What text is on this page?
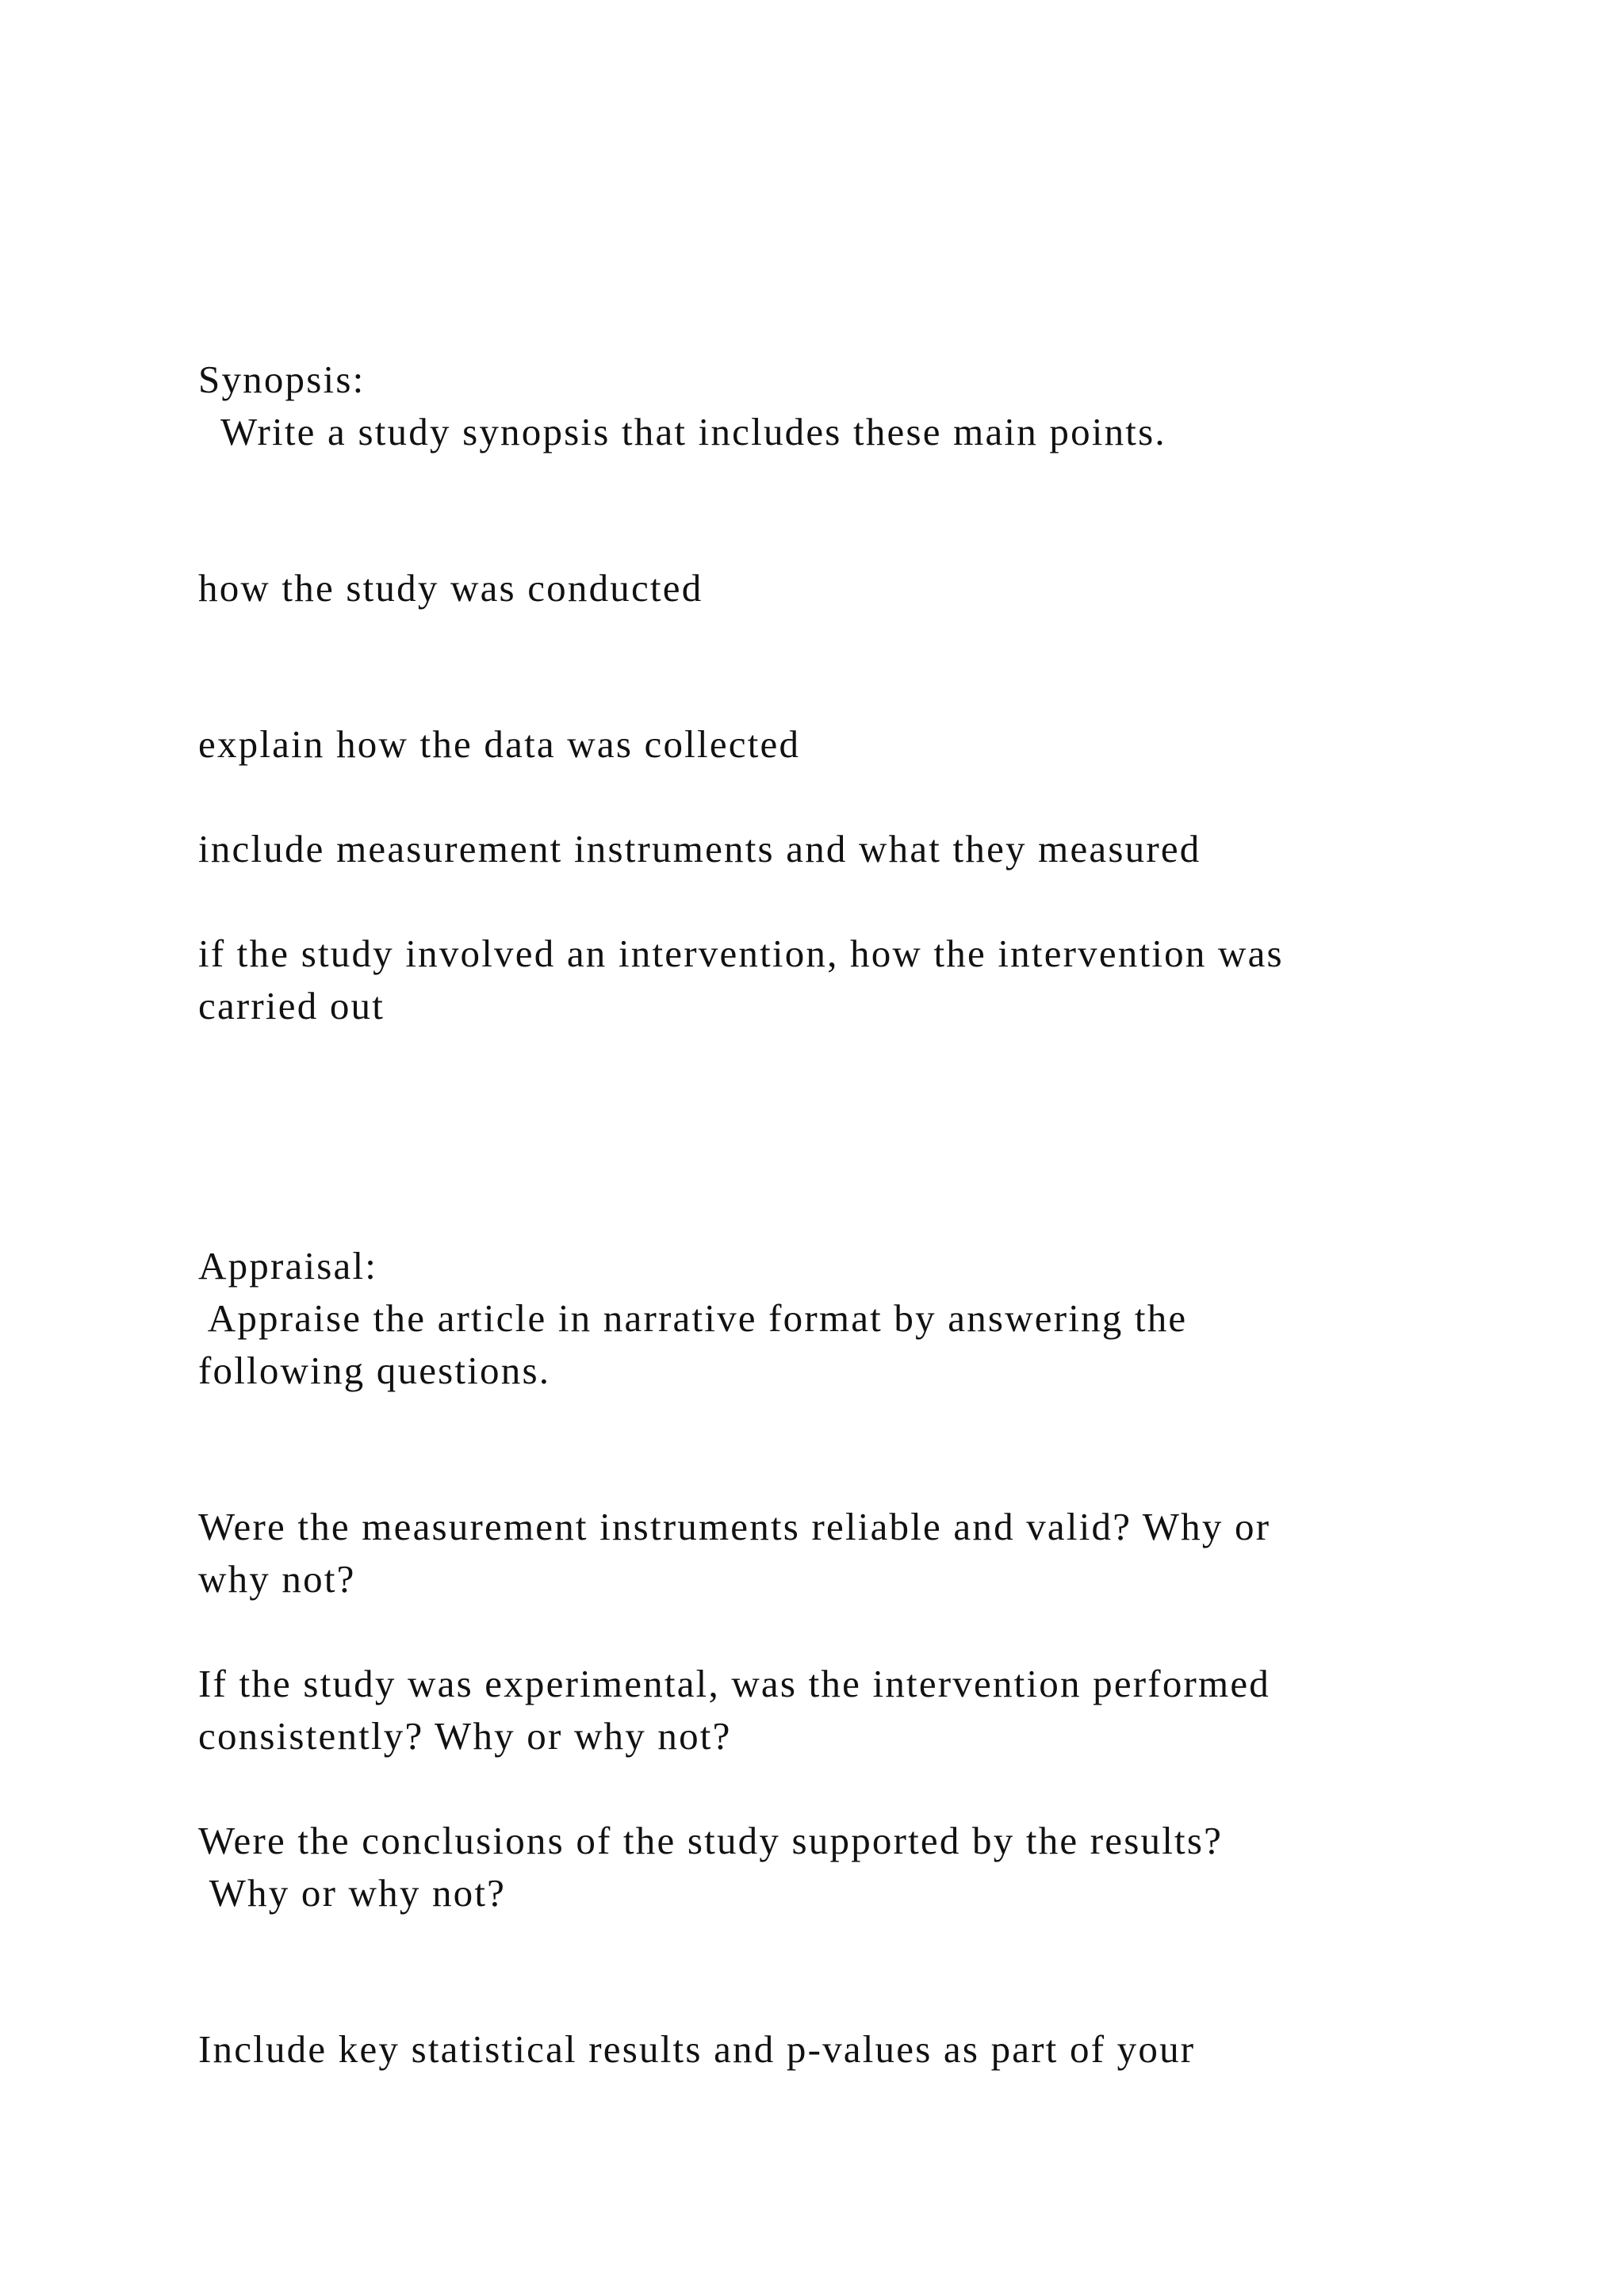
Synopsis:

Write a study synopsis that includes these main points.

how the study was conducted

explain how the data was collected

include measurement instruments and what they measured

if the study involved an intervention, how the intervention was

carried out

Appraisal:

Appraise the article in narrative format by answering the

following questions.

Were the measurement instruments reliable and valid? Why or

why not?

If the study was experimental, was the intervention performed

consistently? Why or why not?

Were the conclusions of the study supported by the results?

Why or why not?

Include key statistical results and p-values as part of your
